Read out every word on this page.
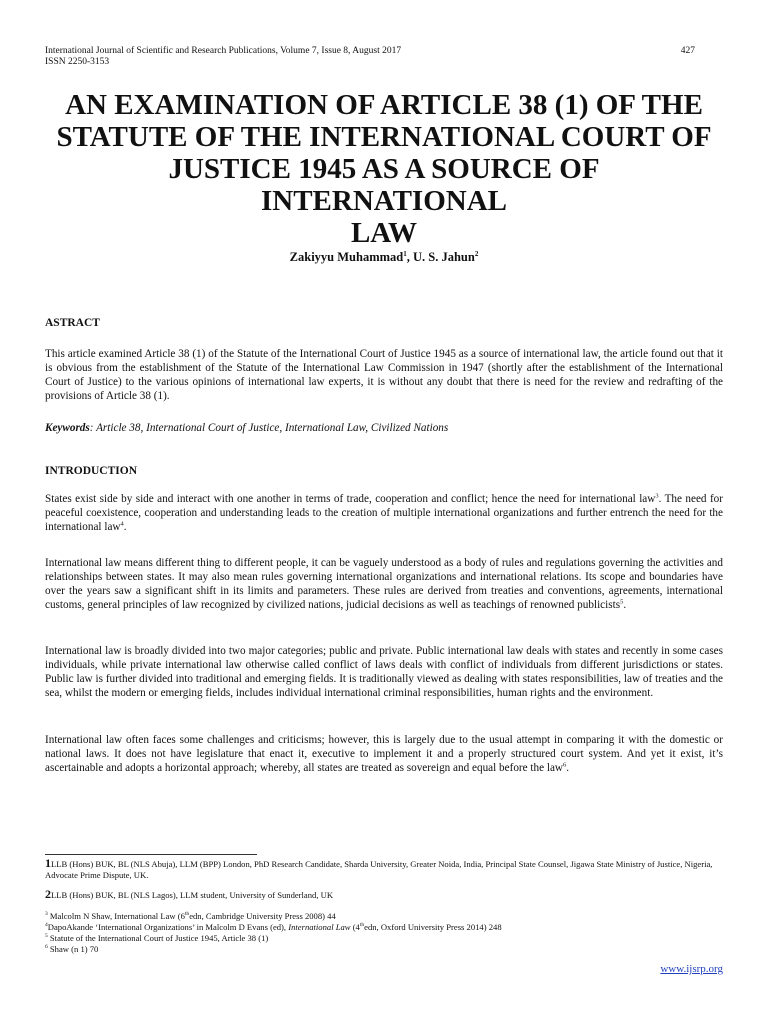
International Journal of Scientific and Research Publications, Volume 7, Issue 8, August 2017
ISSN 2250-3153
427
AN EXAMINATION OF ARTICLE 38 (1) OF THE
STATUTE OF THE INTERNATIONAL COURT OF
JUSTICE 1945 AS A SOURCE OF INTERNATIONAL
LAW
Zakiyyu Muhammad$^1$, U. S. Jahun$^2$
ASTRACT

This article examined Article 38 (1) of the Statute of the International Court of Justice 1945 as a source of international law, the article found out that it is obvious from the establishment of the Statute of the International Law Commission in 1947 (shortly after the establishment of the International Court of Justice) to the various opinions of international law experts, it is without any doubt that there is need for the review and redrafting of the provisions of Article 38 (1).

Keywords: Article 38, International Court of Justice, International Law, Civilized Nations

INTRODUCTION

States exist side by side and interact with one another in terms of trade, cooperation and conflict; hence the need for international law$^3$. The need for peaceful coexistence, cooperation and understanding leads to the creation of multiple international organizations and further entrench the need for the international law$^4$.

International law means different thing to different people, it can be vaguely understood as a body of rules and regulations governing the activities and relationships between states. It may also mean rules governing international organizations and international relations. Its scope and boundaries have over the years saw a significant shift in its limits and parameters. These rules are derived from treaties and conventions, agreements, international customs, general principles of law recognized by civilized nations, judicial decisions as well as teachings of renowned publicists$^5$.

International law is broadly divided into two major categories; public and private. Public international law deals with states and recently in some cases individuals, while private international law otherwise called conflict of laws deals with conflict of individuals from different jurisdictions or states. Public law is further divided into traditional and emerging fields. It is traditionally viewed as dealing with states responsibilities, law of treaties and the sea, whilst the modern or emerging fields, includes individual international criminal responsibilities, human rights and the environment.

International law often faces some challenges and criticisms; however, this is largely due to the usual attempt in comparing it with the domestic or national laws. It does not have legislature that enact it, executive to implement it and a properly structured court system. And yet it exist, it’s ascertainable and adopts a horizontal approach; whereby, all states are treated as sovereign and equal before the law$^6$.

1LLB (Hons) BUK, BL (NLS Abuja), LLM (BPP) London, PhD Research Candidate, Sharda University, Greater Noida, India, Principal State Counsel, Jigawa State Ministry of Justice, Nigeria, Advocate Prime Dispute, UK.

2LLB (Hons) BUK, BL (NLS Lagos), LLM student, University of Sunderland, UK

$^3$ Malcolm N Shaw, International Law (6thedn, Cambridge University Press 2008) 44

$^4$DapoAkande ‘International Organizations’ in Malcolm D Evans (ed), International Law (4thedn, Oxford University Press 2014) 248

$^5$ Statute of the International Court of Justice 1945, Article 38 (1)

$^6$ Shaw (n 1) 70

www.ijsrp.org
